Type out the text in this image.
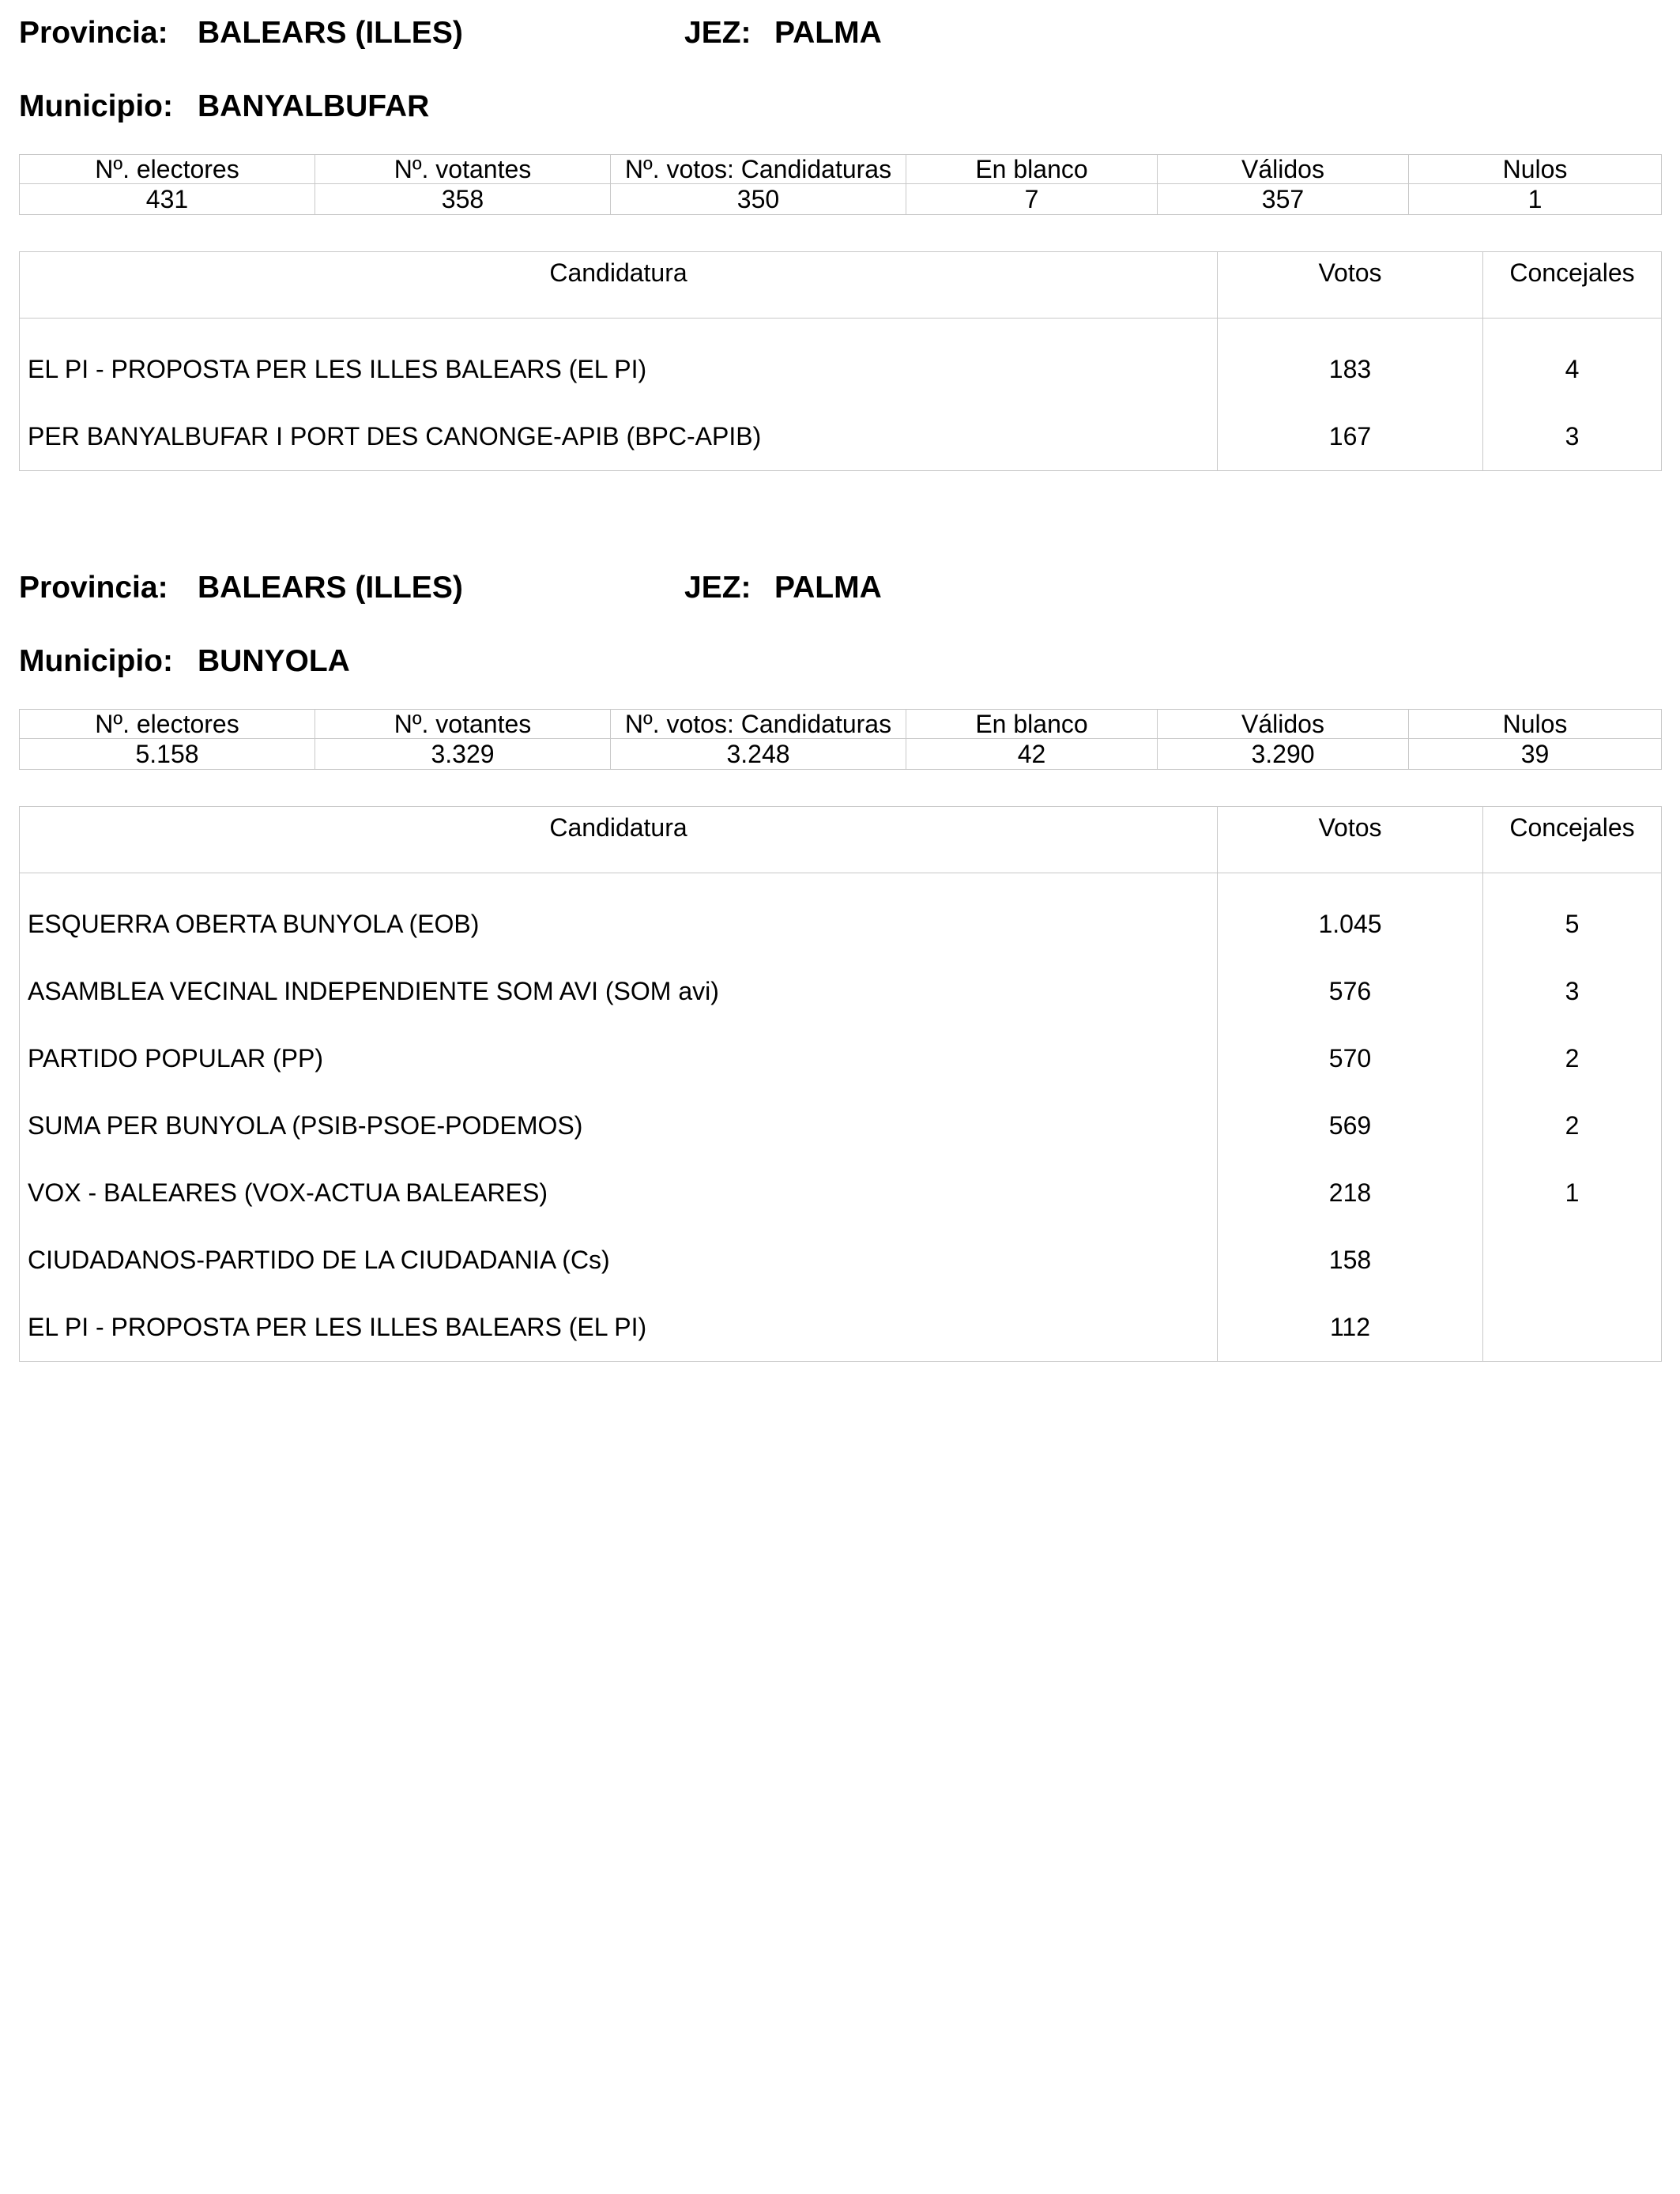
Provincia: BALEARS (ILLES)	JEZ: PALMA
Municipio: BANYALBUFAR
Nº. electores	Nº. votantes	Nº. votos: Candidaturas	En blanco	Válidos	Nulos
431	358	350	7	357	1
Candidatura	Votos	Concejales
EL PI - PROPOSTA PER LES ILLES BALEARS (EL PI)	183	4
PER BANYALBUFAR I PORT DES CANONGE-APIB (BPC-APIB)	167	3
Provincia: BALEARS (ILLES)	JEZ: PALMA
Municipio: BUNYOLA
Nº. electores	Nº. votantes	Nº. votos: Candidaturas	En blanco	Válidos	Nulos
5.158	3.329	3.248	42	3.290	39
Candidatura	Votos	Concejales
ESQUERRA OBERTA BUNYOLA (EOB)	1.045	5
ASAMBLEA VECINAL INDEPENDIENTE SOM AVI (SOM avi)	576	3
PARTIDO POPULAR (PP)	570	2
SUMA PER BUNYOLA (PSIB-PSOE-PODEMOS)	569	2
VOX - BALEARES (VOX-ACTUA BALEARES)	218	1
CIUDADANOS-PARTIDO DE LA CIUDADANIA (Cs)	158	
EL PI - PROPOSTA PER LES ILLES BALEARS (EL PI)	112	
